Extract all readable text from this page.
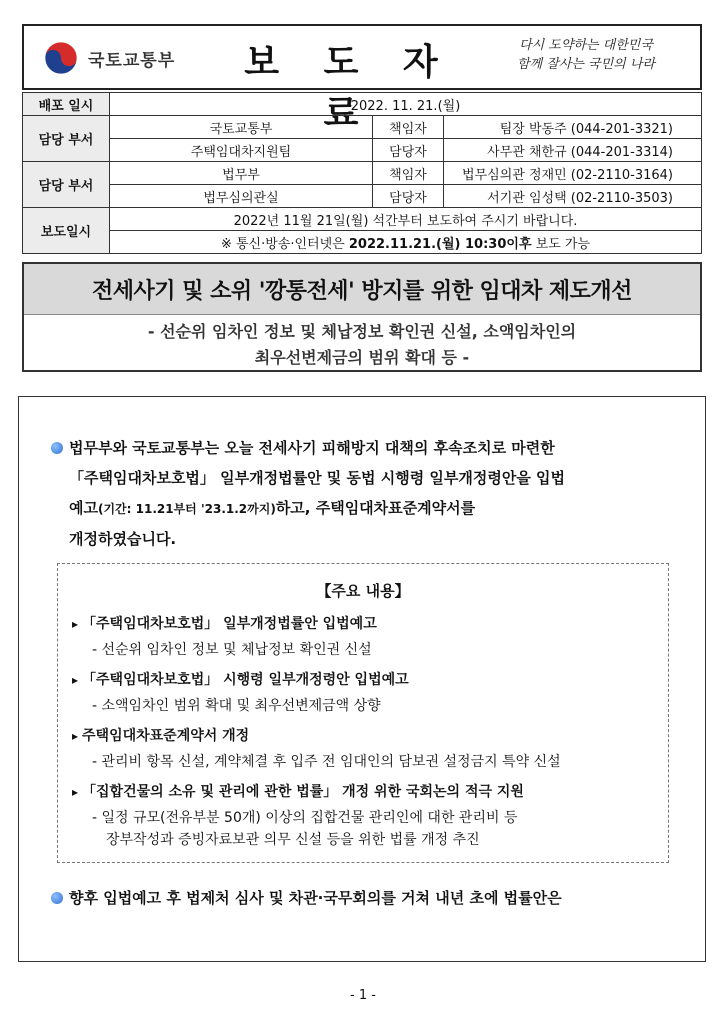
국토교통부	보 도 자 료
다시 도약하는 대한민국
함께 잘사는 국민의 나라
배포 일시	2022. 11. 21.(월)		
담당 부서	국토교통부	책임자	팀장 박동주 (044-201-3321)
	주택임대차지원팀	담당자	사무관 채한규 (044-201-3314)
담당 부서	법무부	책임자	법무심의관 정재민 (02-2110-3164)
	법무심의관실	담당자	서기관 임성택 (02-2110-3503)
보도일시	2022년 11월 21일(월) 석간부터 보도하여 주시기 바랍니다.		
	※ 통신·방송·인터넷은 2022.11.21.(월) 10:30이후 보도 가능		
전세사기 및 소위 '깡통전세' 방지를 위한 임대차 제도개선
- 선순위 임차인 정보 및 체납정보 확인권 신설, 소액임차인의
최우선변제금의 범위 확대 등 -
법무부와 국토교통부는 오늘 전세사기 피해방지 대책의 후속조치로 마련한
「주택임대차보호법」 일부개정법률안 및 동법 시행령 일부개정령안을 입법
예고(기간: 11.21부터 '23.1.2까지)하고, 주택임대차표준계약서를
개정하였습니다.
【주요 내용】
▸ 「주택임대차보호법」 일부개정법률안 입법예고
- 선순위 임차인 정보 및 체납정보 확인권 신설
▸ 「주택임대차보호법」 시행령 일부개정령안 입법예고
- 소액임차인 범위 확대 및 최우선변제금액 상향
▸ 주택임대차표준계약서 개정
- 관리비 항목 신설, 계약체결 후 입주 전 임대인의 담보권 설정금지 특약 신설
▸ 「집합건물의 소유 및 관리에 관한 법률」 개정 위한 국회논의 적극 지원
- 일정 규모(전유부분 50개) 이상의 집합건물 관리인에 대한 관리비 등
장부작성과 증빙자료보관 의무 신설 등을 위한 법률 개정 추진
향후 입법예고 후 법제처 심사 및 차관·국무회의를 거쳐 내년 초에 법률안은
- 1 -
